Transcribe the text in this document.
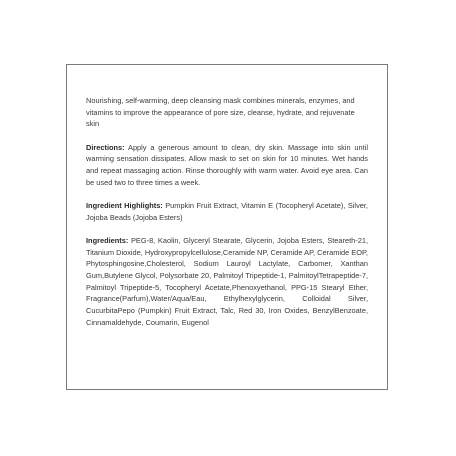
Nourishing, self-warming, deep cleansing mask combines minerals, enzymes, and vitamins to improve the appearance of pore size, cleanse, hydrate, and rejuvenate skin

Directions: Apply a generous amount to clean, dry skin. Massage into skin until warming sensation dissipates. Allow mask to set on skin for 10 minutes. Wet hands and repeat massaging action. Rinse thoroughly with warm water. Avoid eye area. Can be used two to three times a week.

Ingredient Highlights: Pumpkin Fruit Extract, Vitamin E (Tocopheryl Acetate), Silver, Jojoba Beads (Jojoba Esters)

Ingredients: PEG-8, Kaolin, Glyceryl Stearate, Glycerin, Jojoba Esters, Steareth-21, Titanium Dioxide, Hydroxypropylcellulose,Ceramide NP, Ceramide AP, Ceramide EOP, Phytosphingosine,Cholesterol, Sodium Lauroyl Lactylate, Carbomer, Xanthan Gum,Butylene Glycol, Polysorbate 20, Palmitoyl Tripeptide-1, PalmitoylTetrapeptide-7, Palmitoyl Tripeptide-5, Tocopheryl Acetate,Phenoxyethanol, PPG-15 Stearyl Ether, Fragrance(Parfum),Water/Aqua/Eau, Ethylhexylglycerin, Colloidal Silver, CucurbitaPepo (Pumpkin) Fruit Extract, Talc, Red 30, Iron Oxides, BenzylBenzoate, Cinnamaldehyde, Coumarin, Eugenol
